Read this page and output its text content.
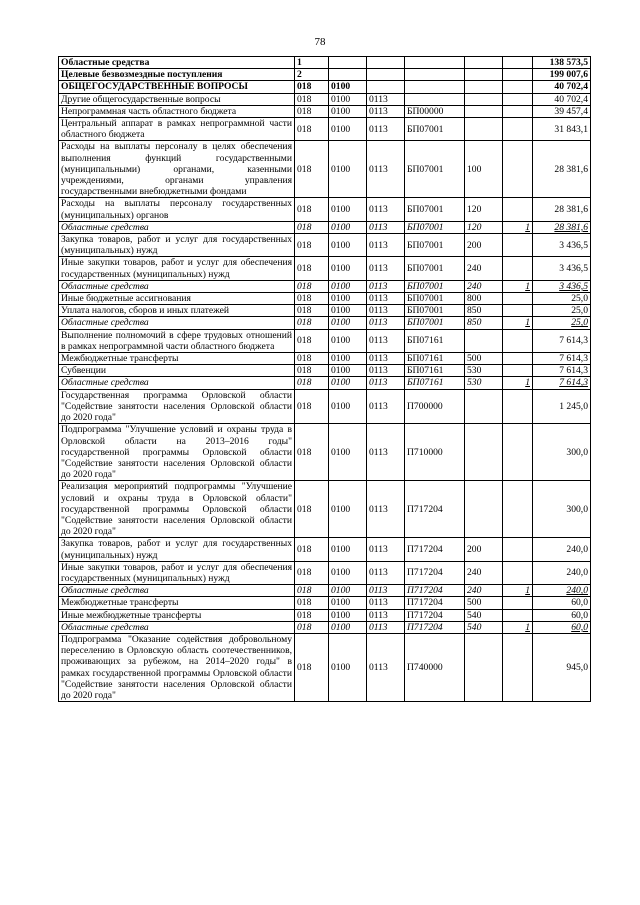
78
Областные средства	1						138 573,5
Целевые безвозмездные поступления	2						199 007,6
ОБЩЕГОСУДАРСТВЕННЫЕ ВОПРОСЫ	018	0100					40 702,4
Другие общегосударственные вопросы	018	0100	0113				40 702,4
Непрограммная часть областного бюджета	018	0100	0113	БП00000			39 457,4
Центральный аппарат в рамках непрограммной части областного бюджета	018	0100	0113	БП07001			31 843,1
Расходы на выплаты персоналу в целях обеспечения выполнения функций государственными (муниципальными) органами, казенными учреждениями, органами управления государственными внебюджетными фондами	018	0100	0113	БП07001	100		28 381,6
Расходы на выплаты персоналу государственных (муниципальных) органов	018	0100	0113	БП07001	120		28 381,6
Областные средства	018	0100	0113	БП07001	120	1	28 381,6
Закупка товаров, работ и услуг для государственных (муниципальных) нужд	018	0100	0113	БП07001	200		3 436,5
Иные закупки товаров, работ и услуг для обеспечения государственных (муниципальных) нужд	018	0100	0113	БП07001	240		3 436,5
Областные средства	018	0100	0113	БП07001	240	1	3 436,5
Иные бюджетные ассигнования	018	0100	0113	БП07001	800		25,0
Уплата налогов, сборов и иных платежей	018	0100	0113	БП07001	850		25,0
Областные средства	018	0100	0113	БП07001	850	1	25,0
Выполнение полномочий в сфере трудовых отношений в рамках непрограммной части областного бюджета	018	0100	0113	БП07161			7 614,3
Межбюджетные трансферты	018	0100	0113	БП07161	500		7 614,3
Субвенции	018	0100	0113	БП07161	530		7 614,3
Областные средства	018	0100	0113	БП07161	530	1	7 614,3
Государственная программа Орловской области "Содействие занятости населения Орловской области до 2020 года"	018	0100	0113	П700000			1 245,0
Подпрограмма "Улучшение условий и охраны труда в Орловской области на 2013–2016 годы" государственной программы Орловской области "Содействие занятости населения Орловской области до 2020 года"	018	0100	0113	П710000			300,0
Реализация мероприятий подпрограммы "Улучшение условий и охраны труда в Орловской области" государственной программы Орловской области "Содействие занятости населения Орловской области до 2020 года"	018	0100	0113	П717204			300,0
Закупка товаров, работ и услуг для государственных (муниципальных) нужд	018	0100	0113	П717204	200		240,0
Иные закупки товаров, работ и услуг для обеспечения государственных (муниципальных) нужд	018	0100	0113	П717204	240		240,0
Областные средства	018	0100	0113	П717204	240	1	240,0
Межбюджетные трансферты	018	0100	0113	П717204	500		60,0
Иные межбюджетные трансферты	018	0100	0113	П717204	540		60,0
Областные средства	018	0100	0113	П717204	540	1	60,0
Подпрограмма "Оказание содействия добровольному переселению в Орловскую область соотечественников, проживающих за рубежом, на 2014–2020 годы" в рамках государственной программы Орловской области "Содействие занятости населения Орловской области до 2020 года"	018	0100	0113	П740000			945,0
